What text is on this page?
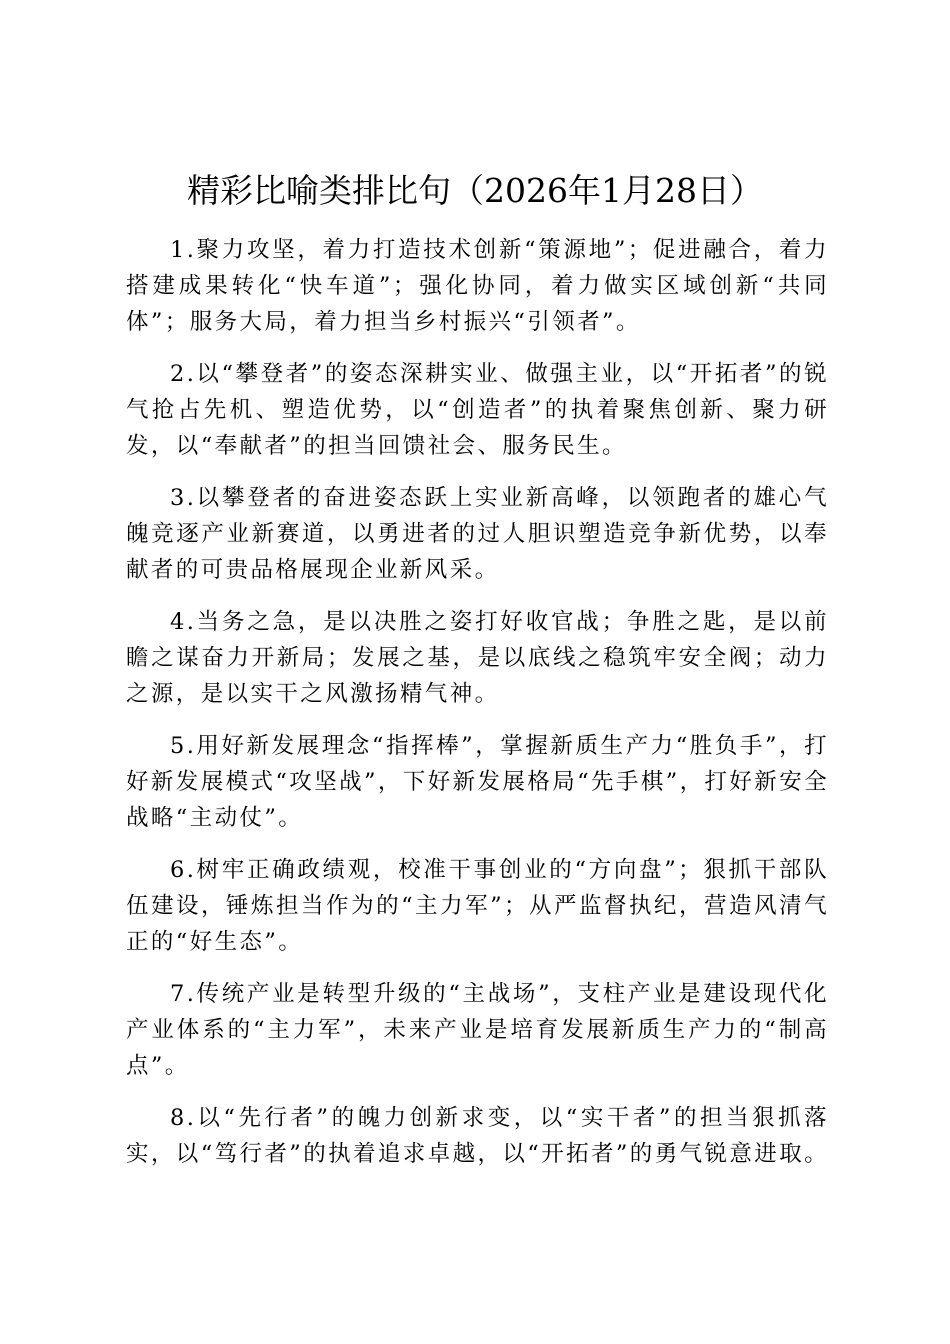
精彩比喻类排比句（2026年1月28日）

1.聚力攻坚，着力打造技术创新“策源地”；促进融合，着力搭建成果转化“快车道”；强化协同，着力做实区域创新“共同体”；服务大局，着力担当乡村振兴“引领者”。

2.以“攀登者”的姿态深耕实业、做强主业，以“开拓者”的锐气抢占先机、塑造优势，以“创造者”的执着聚焦创新、聚力研发，以“奉献者”的担当回馈社会、服务民生。

3.以攀登者的奋进姿态跃上实业新高峰，以领跑者的雄心气魄竞逐产业新赛道，以勇进者的过人胆识塑造竞争新优势，以奉献者的可贵品格展现企业新风采。

4.当务之急，是以决胜之姿打好收官战；争胜之匙，是以前瞻之谋奋力开新局；发展之基，是以底线之稳筑牢安全阀；动力之源，是以实干之风激扬精气神。

5.用好新发展理念“指挥棒”，掌握新质生产力“胜负手”，打好新发展模式“攻坚战”，下好新发展格局“先手棋”，打好新安全战略“主动仗”。

6.树牢正确政绩观，校准干事创业的“方向盘”；狠抓干部队伍建设，锤炼担当作为的“主力军”；从严监督执纪，营造风清气正的“好生态”。

7.传统产业是转型升级的“主战场”，支柱产业是建设现代化产业体系的“主力军”，未来产业是培育发展新质生产力的“制高点”。

8.以“先行者”的魄力创新求变，以“实干者”的担当狠抓落实，以“笃行者”的执着追求卓越，以“开拓者”的勇气锐意进取。
